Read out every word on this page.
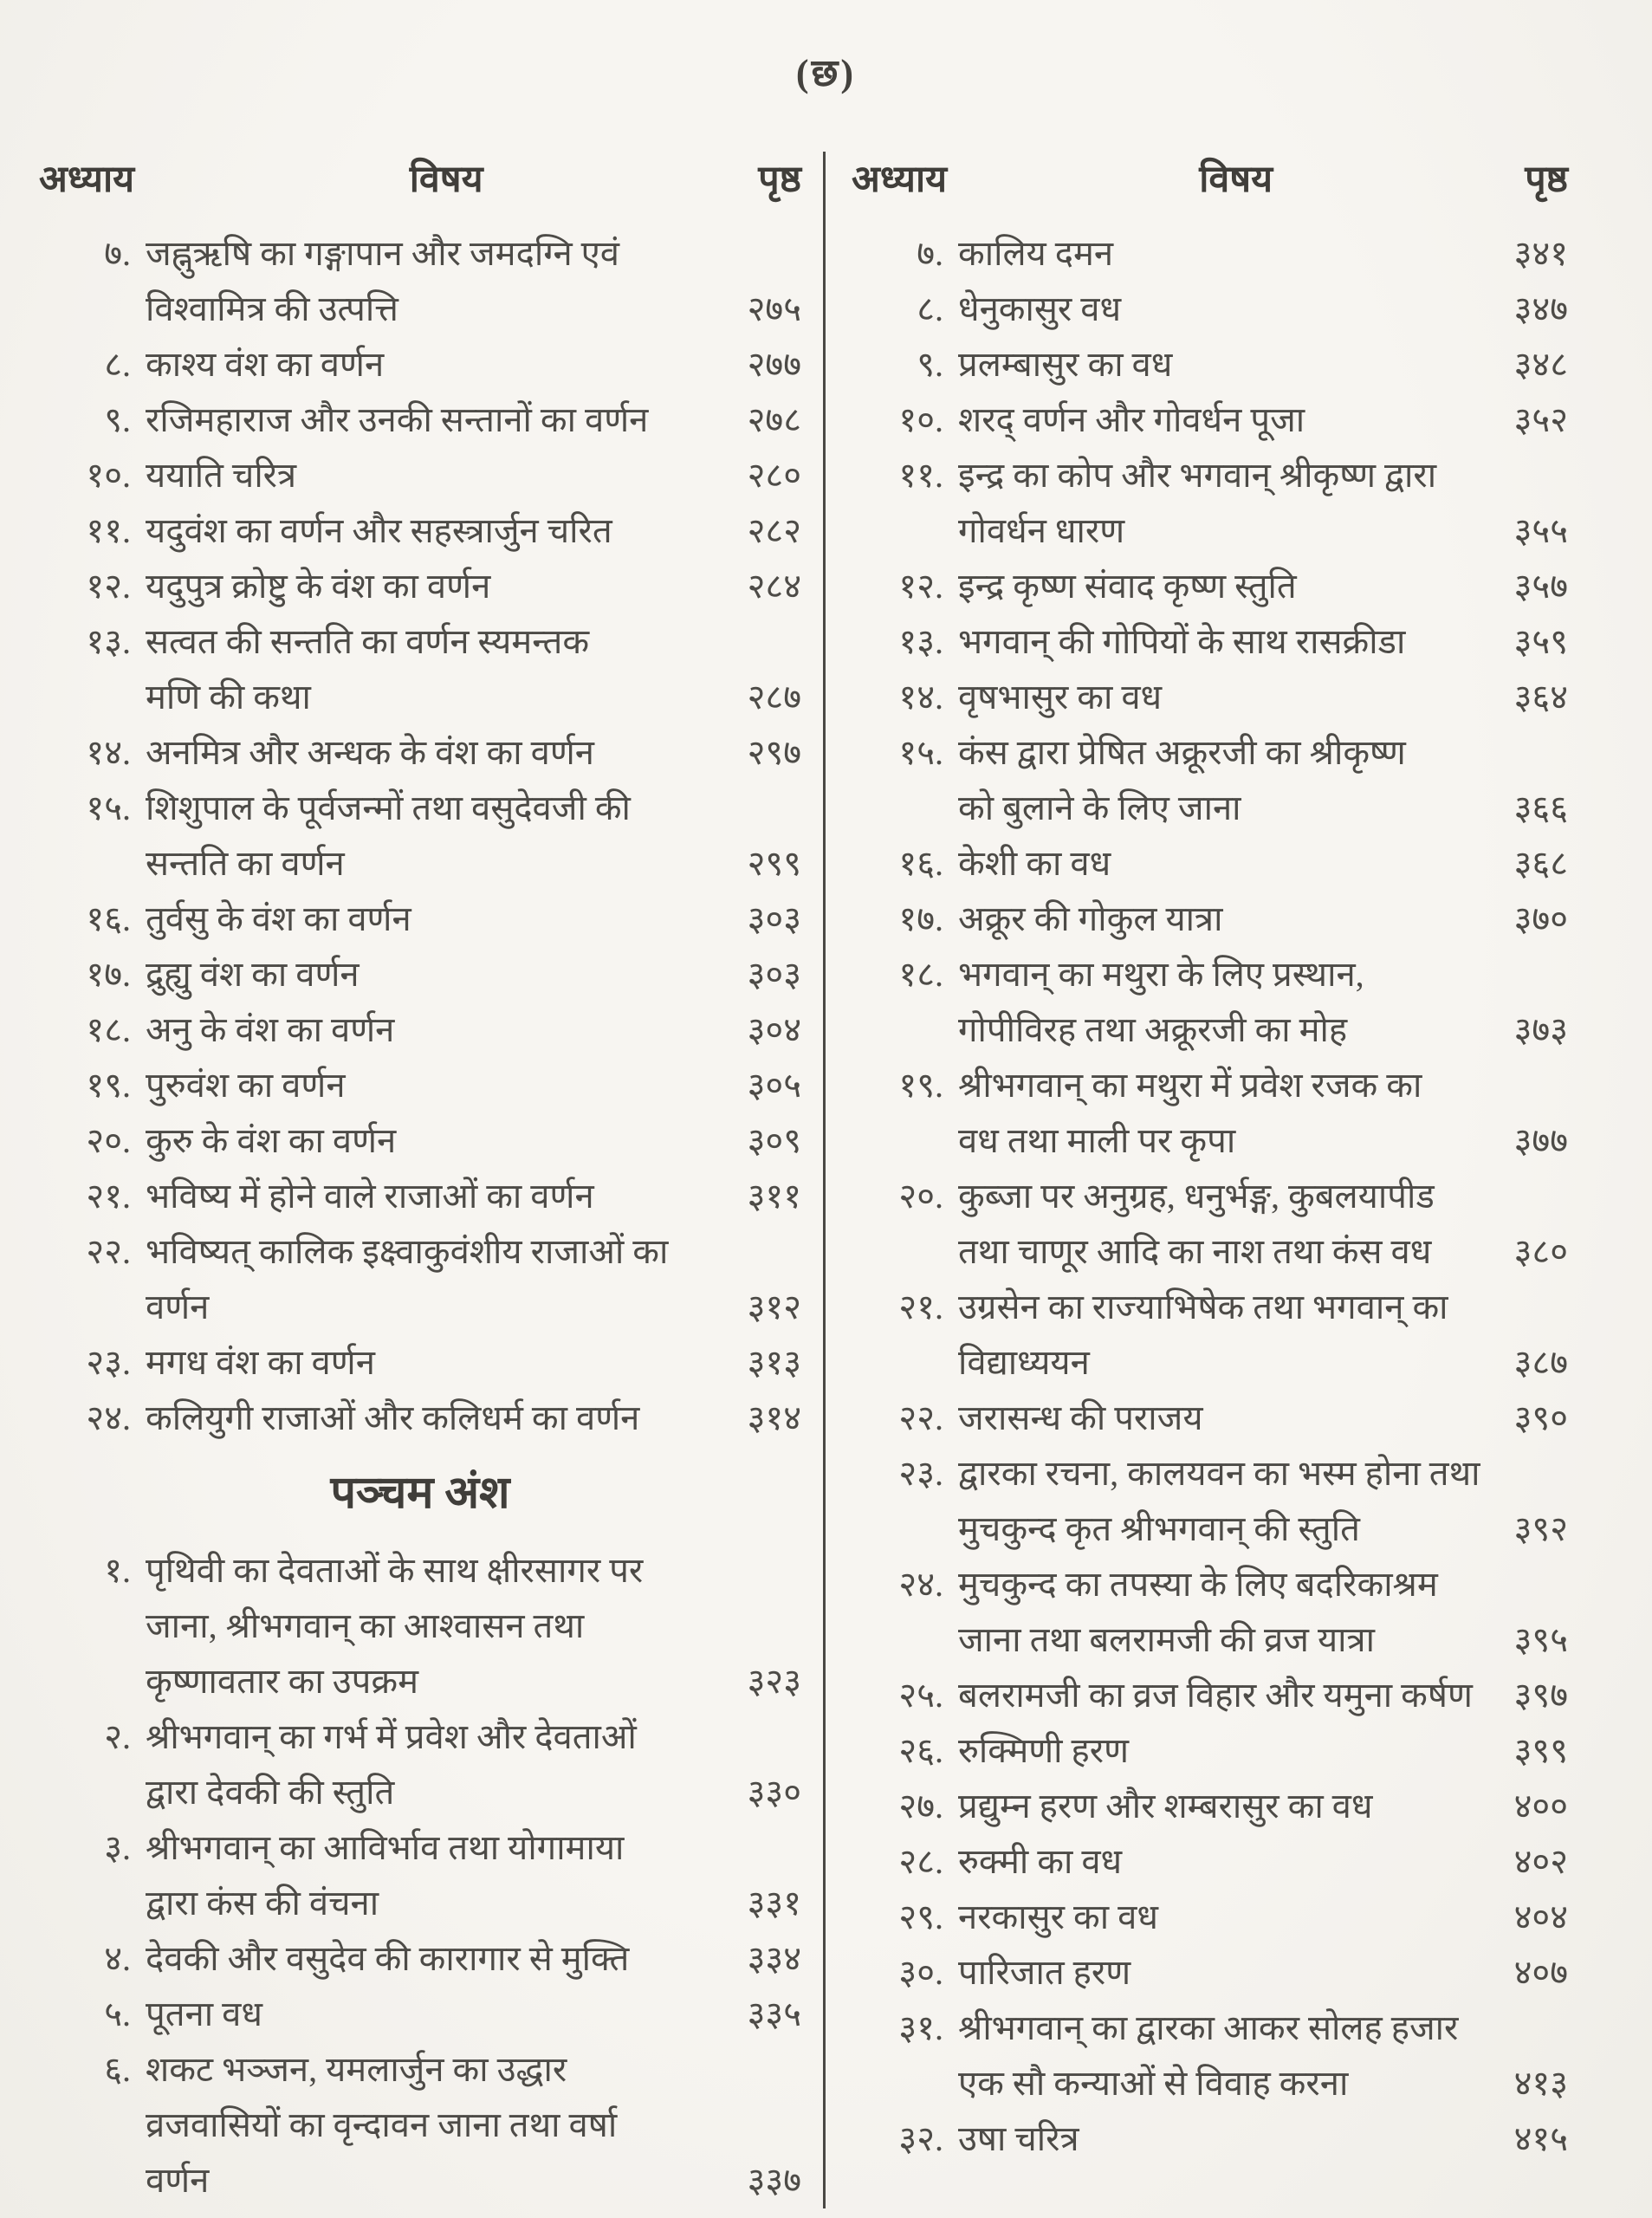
(छ)
अध्याय	विषय	पृष्ठ
७. जह्नुऋषि का गङ्गापान और जमदग्नि एवं
विश्वामित्र की उत्पत्ति	२७५
८. काश्य वंश का वर्णन	२७७
९. रजिमहाराज और उनकी सन्तानों का वर्णन	२७८
१०. ययाति चरित्र	२८०
११. यदुवंश का वर्णन और सहस्त्रार्जुन चरित	२८२
१२. यदुपुत्र क्रोष्टु के वंश का वर्णन	२८४
१३. सत्वत की सन्तति का वर्णन स्यमन्तक
मणि की कथा	२८७
१४. अनमित्र और अन्धक के वंश का वर्णन	२९७
१५. शिशुपाल के पूर्वजन्मों तथा वसुदेवजी की
सन्तति का वर्णन	२९९
१६. तुर्वसु के वंश का वर्णन	३०३
१७. द्रुह्यु वंश का वर्णन	३०३
१८. अनु के वंश का वर्णन	३०४
१९. पुरुवंश का वर्णन	३०५
२०. कुरु के वंश का वर्णन	३०९
२१. भविष्य में होने वाले राजाओं का वर्णन	३११
२२. भविष्यत् कालिक इक्ष्वाकुवंशीय राजाओं का
वर्णन	३१२
२३. मगध वंश का वर्णन	३१३
२४. कलियुगी राजाओं और कलिधर्म का वर्णन	३१४
पञ्चम अंश
१. पृथिवी का देवताओं के साथ क्षीरसागर पर
जाना, श्रीभगवान् का आश्वासन तथा
कृष्णावतार का उपक्रम	३२३
२. श्रीभगवान् का गर्भ में प्रवेश और देवताओं
द्वारा देवकी की स्तुति	३३०
३. श्रीभगवान् का आविर्भाव तथा योगामाया
द्वारा कंस की वंचना	३३१
४. देवकी और वसुदेव की कारागार से मुक्ति	३३४
५. पूतना वध	३३५
६. शकट भञ्जन, यमलार्जुन का उद्धार
व्रजवासियों का वृन्दावन जाना तथा वर्षा
वर्णन	३३७
अध्याय	विषय	पृष्ठ
७. कालिय दमन	३४१
८. धेनुकासुर वध	३४७
९. प्रलम्बासुर का वध	३४८
१०. शरद् वर्णन और गोवर्धन पूजा	३५२
११. इन्द्र का कोप और भगवान् श्रीकृष्ण द्वारा
गोवर्धन धारण	३५५
१२. इन्द्र कृष्ण संवाद कृष्ण स्तुति	३५७
१३. भगवान् की गोपियों के साथ रासक्रीडा	३५९
१४. वृषभासुर का वध	३६४
१५. कंस द्वारा प्रेषित अक्रूरजी का श्रीकृष्ण
को बुलाने के लिए जाना	३६६
१६. केशी का वध	३६८
१७. अक्रूर की गोकुल यात्रा	३७०
१८. भगवान् का मथुरा के लिए प्रस्थान,
गोपीविरह तथा अक्रूरजी का मोह	३७३
१९. श्रीभगवान् का मथुरा में प्रवेश रजक का
वध तथा माली पर कृपा	३७७
२०. कुब्जा पर अनुग्रह, धनुर्भङ्ग, कुबलयापीड
तथा चाणूर आदि का नाश तथा कंस वध	३८०
२१. उग्रसेन का राज्याभिषेक तथा भगवान् का
विद्याध्ययन	३८७
२२. जरासन्ध की पराजय	३९०
२३. द्वारका रचना, कालयवन का भस्म होना तथा
मुचकुन्द कृत श्रीभगवान् की स्तुति	३९२
२४. मुचकुन्द का तपस्या के लिए बदरिकाश्रम
जाना तथा बलरामजी की व्रज यात्रा	३९५
२५. बलरामजी का व्रज विहार और यमुना कर्षण	३९७
२६. रुक्मिणी हरण	३९९
२७. प्रद्युम्न हरण और शम्बरासुर का वध	४००
२८. रुक्मी का वध	४०२
२९. नरकासुर का वध	४०४
३०. पारिजात हरण	४०७
३१. श्रीभगवान् का द्वारका आकर सोलह हजार
एक सौ कन्याओं से विवाह करना	४१३
३२. उषा चरित्र	४१५
